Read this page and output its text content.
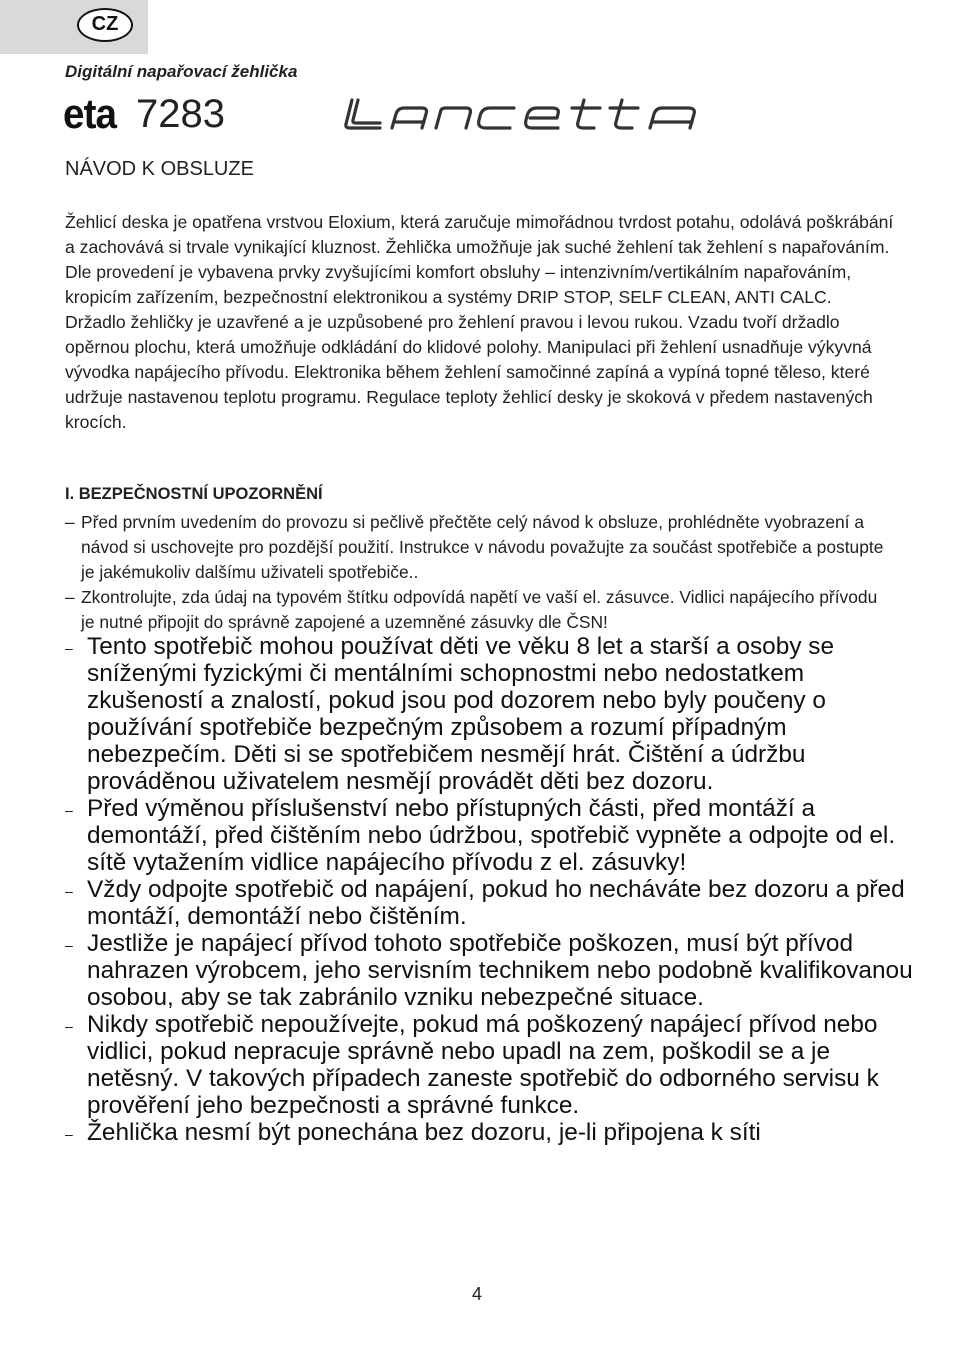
CZ
Digitální napařovací žehlička
eta 7283
NÁVOD K OBSLUZE

Žehlicí deska je opatřena vrstvou Eloxium, která zaručuje mimořádnou tvrdost potahu, odolává poškrábání a zachovává si trvale vynikající kluznost. Žehlička umožňuje jak suché žehlení tak žehlení s napařováním. Dle provedení je vybavena prvky zvyšujícími komfort obsluhy – intenzivním/vertikálním napařováním, kropicím zařízením, bezpečnostní elektronikou a systémy DRIP STOP, SELF CLEAN, ANTI CALC. Držadlo žehličky je uzavřené a je uzpůsobené pro žehlení pravou i levou rukou. Vzadu tvoří držadlo opěrnou plochu, která umožňuje odkládání do klidové polohy. Manipulaci při žehlení usnadňuje výkyvná vývodka napájecího přívodu. Elektronika během žehlení samočinné zapíná a vypíná topné těleso, které udržuje nastavenou teplotu programu. Regulace teploty žehlicí desky je skoková v předem nastavených krocích.

I. BEZPEČNOSTNÍ UPOZORNĚNÍ
– Před prvním uvedením do provozu si pečlivě přečtěte celý návod k obsluze, prohlédněte vyobrazení a návod si uschovejte pro pozdější použití. Instrukce v návodu považujte za součást spotřebiče a postupte je jakémukoliv dalšímu uživateli spotřebiče..
– Zkontrolujte, zda údaj na typovém štítku odpovídá napětí ve vaší el. zásuvce. Vidlici napájecího přívodu je nutné připojit do správně zapojené a uzemněné zásuvky dle ČSN!
– Tento spotřebič mohou používat děti ve věku 8 let a starší a osoby se sníženými fyzickými či mentálními schopnostmi nebo nedostatkem zkušeností a znalostí, pokud jsou pod dozorem nebo byly poučeny o používání spotřebiče bezpečným způsobem a rozumí případným nebezpečím. Děti si se spotřebičem nesmějí hrát. Čištění a údržbu prováděnou uživatelem nesmějí provádět děti bez dozoru.
– Před výměnou příslušenství nebo přístupných části, před montáží a demontáží, před čištěním nebo údržbou, spotřebič vypněte a odpojte od el. sítě vytažením vidlice napájecího přívodu z el. zásuvky!
– Vždy odpojte spotřebič od napájení, pokud ho necháváte bez dozoru a před montáží, demontáží nebo čištěním.
– Jestliže je napájecí přívod tohoto spotřebiče poškozen, musí být přívod nahrazen výrobcem, jeho servisním technikem nebo podobně kvalifikovanou osobou, aby se tak zabránilo vzniku nebezpečné situace.
– Nikdy spotřebič nepoužívejte, pokud má poškozený napájecí přívod nebo vidlici, pokud nepracuje správně nebo upadl na zem, poškodil se a je netěsný. V takových případech zaneste spotřebič do odborného servisu k prověření jeho bezpečnosti a správné funkce.
– Žehlička nesmí být ponechána bez dozoru, je-li připojena k síti
4
